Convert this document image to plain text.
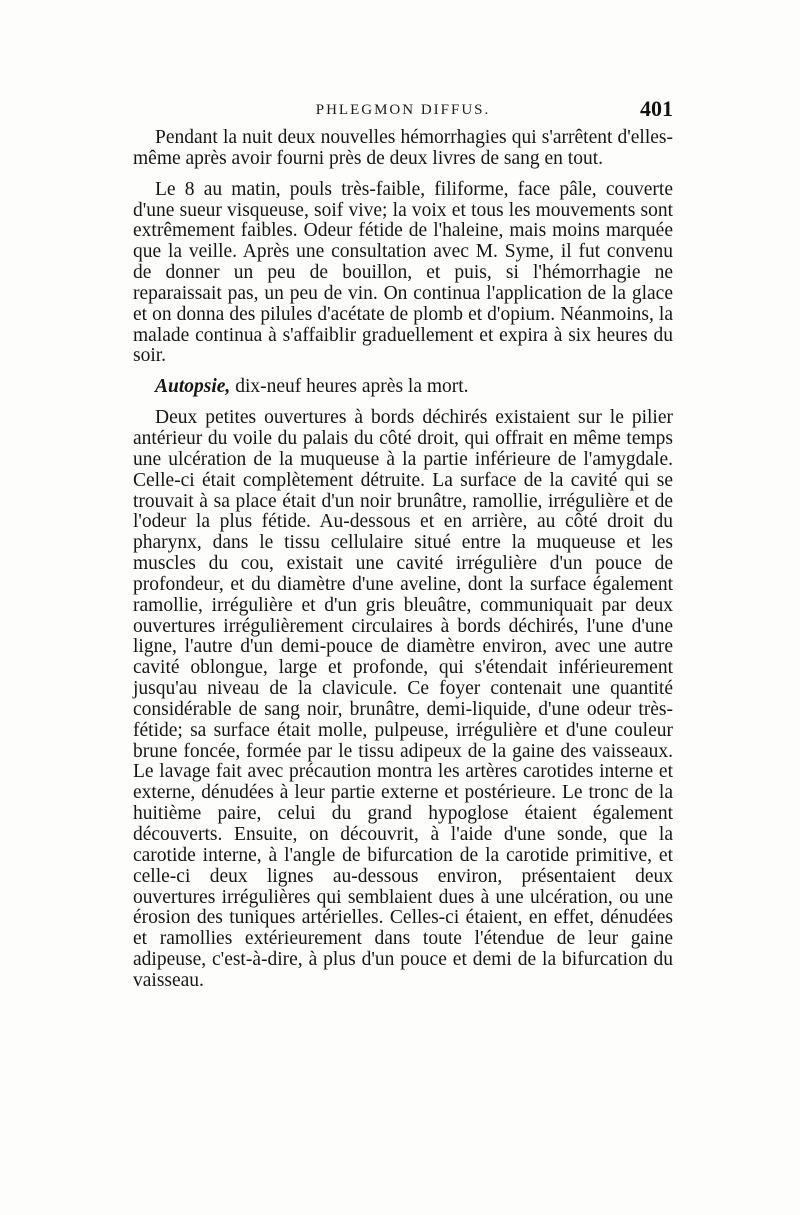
PHLEGMON DIFFUS.	401

Pendant la nuit deux nouvelles hémorrhagies qui s'arrêtent d'elles-même après avoir fourni près de deux livres de sang en tout.

Le 8 au matin, pouls très-faible, filiforme, face pâle, couverte d'une sueur visqueuse, soif vive; la voix et tous les mouvements sont extrêmement faibles. Odeur fétide de l'haleine, mais moins marquée que la veille. Après une consultation avec M. Syme, il fut convenu de donner un peu de bouillon, et puis, si l'hémorrhagie ne reparaissait pas, un peu de vin. On continua l'application de la glace et on donna des pilules d'acétate de plomb et d'opium. Néanmoins, la malade continua à s'affaiblir graduellement et expira à six heures du soir.

Autopsie, dix-neuf heures après la mort.

Deux petites ouvertures à bords déchirés existaient sur le pilier antérieur du voile du palais du côté droit, qui offrait en même temps une ulcération de la muqueuse à la partie inférieure de l'amygdale. Celle-ci était complètement détruite. La surface de la cavité qui se trouvait à sa place était d'un noir brunâtre, ramollie, irrégulière et de l'odeur la plus fétide. Au-dessous et en arrière, au côté droit du pharynx, dans le tissu cellulaire situé entre la muqueuse et les muscles du cou, existait une cavité irrégulière d'un pouce de profondeur, et du diamètre d'une aveline, dont la surface également ramollie, irrégulière et d'un gris bleuâtre, communiquait par deux ouvertures irrégulièrement circulaires à bords déchirés, l'une d'une ligne, l'autre d'un demi-pouce de diamètre environ, avec une autre cavité oblongue, large et profonde, qui s'étendait inférieurement jusqu'au niveau de la clavicule. Ce foyer contenait une quantité considérable de sang noir, brunâtre, demi-liquide, d'une odeur très-fétide; sa surface était molle, pulpeuse, irrégulière et d'une couleur brune foncée, formée par le tissu adipeux de la gaine des vaisseaux. Le lavage fait avec précaution montra les artères carotides interne et externe, dénudées à leur partie externe et postérieure. Le tronc de la huitième paire, celui du grand hypoglose étaient également découverts. Ensuite, on découvrit, à l'aide d'une sonde, que la carotide interne, à l'angle de bifurcation de la carotide primitive, et celle-ci deux lignes au-dessous environ, présentaient deux ouvertures irrégulières qui semblaient dues à une ulcération, ou une érosion des tuniques artérielles. Celles-ci étaient, en effet, dénudées et ramollies extérieurement dans toute l'étendue de leur gaine adipeuse, c'est-à-dire, à plus d'un pouce et demi de la bifurcation du vaisseau.
